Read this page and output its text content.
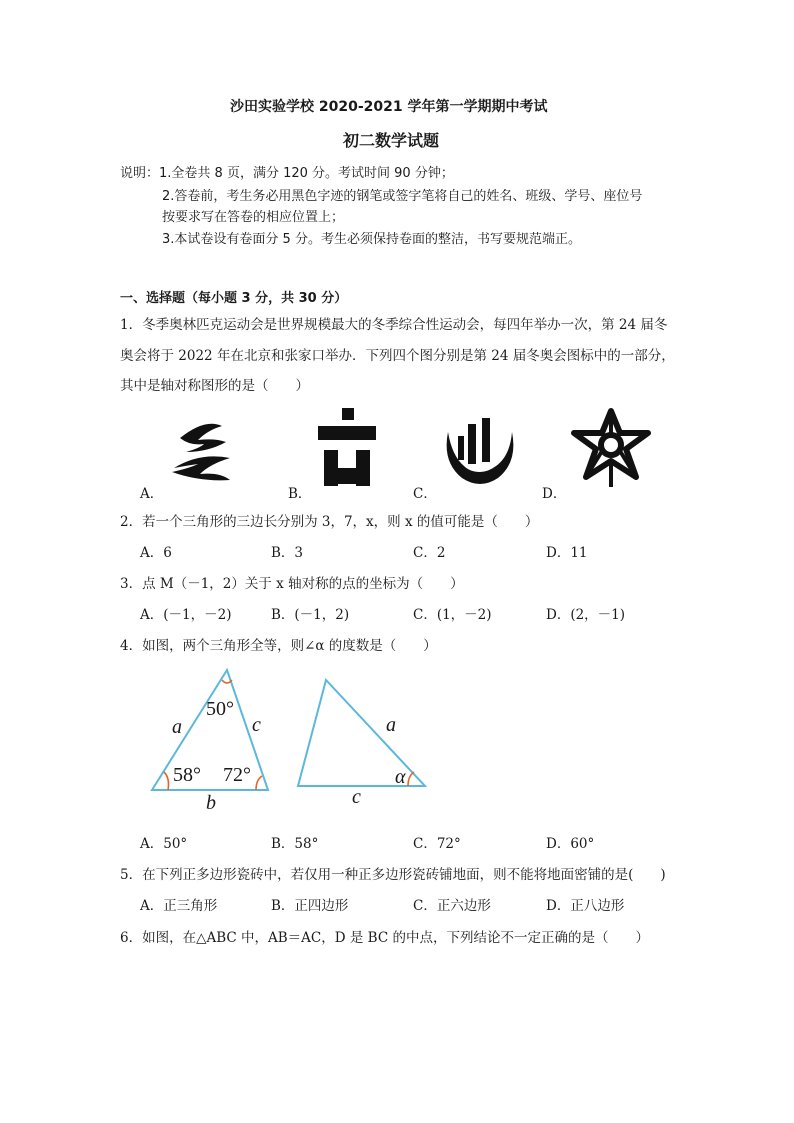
沙田实验学校 2020-2021 学年第一学期期中考试
初二数学试题
说明：1.全卷共 8 页，满分 120 分。考试时间 90 分钟；
2.答卷前，考生务必用黑色字迹的钢笔或签字笔将自己的姓名、班级、学号、座位号
按要求写在答卷的相应位置上；
3.本试卷设有卷面分 5 分。考生必须保持卷面的整洁，书写要规范端正。
一、选择题（每小题 3 分，共 30 分）
1．冬季奥林匹克运动会是世界规模最大的冬季综合性运动会，每四年举办一次，第 24 届冬
奥会将于 2022 年在北京和张家口举办．下列四个图分别是第 24 届冬奥会图标中的一部分，
其中是轴对称图形的是（　　）
A．	B．	C．	D．
2．若一个三角形的三边长分别为 3，7，x，则 x 的值可能是（　　）
A．6	B．3	C．2	D．11
3．点 M（－1，2）关于 x 轴对称的点的坐标为（　　）
A．(－1，－2)	B．(－1，2)	C．(1，－2)	D．(2，－1)
4．如图，两个三角形全等，则∠α 的度数是（　　）
50°
58° 72°
a	c
b
a
c
α
A．50°	B．58°	C．72°	D．60°
5．在下列正多边形瓷砖中，若仅用一种正多边形瓷砖铺地面，则不能将地面密铺的是(　　)
A．正三角形	B．正四边形	C．正六边形	D．正八边形
6．如图，在△ABC 中，AB＝AC，D 是 BC 的中点，下列结论不一定正确的是（　　）
